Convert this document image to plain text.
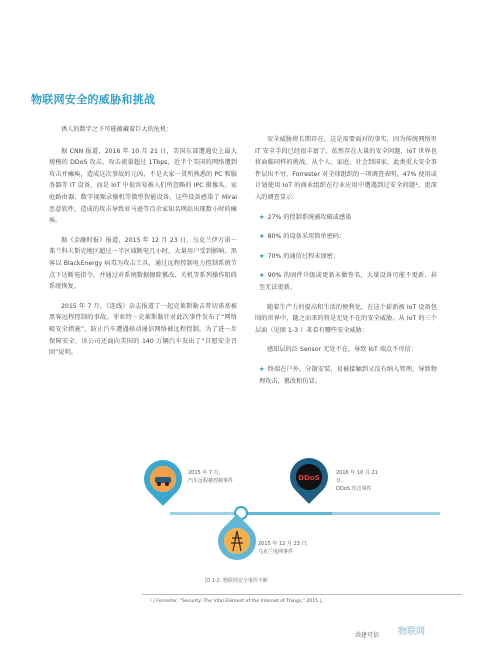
物联网安全的威胁和挑战

诱人的数字之下可能蕴藏着巨大的危机：

据 CNN 报道，2016 年 10 月 21 日，美国东部遭遇史上最大规模的 DDoS 攻击，攻击流量超过 1Tbps，近半个美国的网络遭到攻击并瘫痪，造成这次事故的元凶，不是大家一贯所熟悉的 PC 和服务器等 IT 设备，而是 IoT 中很容易被人们所忽略的 IPC 摄像头、家庭路由器、数字视频录像机等微型智能设备。这些设备感染了 Mirai 恶意软件，造成的攻击导致亚马逊等百余家知名网站出现数小时的瘫痪。

据《金融时报》报道，2015 年 12 月 23 日，乌克兰伊万诺－弗兰科夫斯克地区超过一半区域断电几小时，大量用户受到影响。黑客以 BlackEnergy 病毒为攻击工具，通过远程控制电力控制系统节点下达断电指令，并通过对系统数据擦除篡改、关机等系列操作阻碍系统恢复。

2015 年 7 月，《连线》杂志报道了一起克莱斯勒吉普切诺基被黑客远程控制的事故。菲亚特－克莱斯勒针对此次事件发布了“网络吸安全措施”，防止汽车遭遇移动通信网络被远程控制，为了进一步保障安全，该公司还面向美国的 140 万辆汽车发出了“自愿安全召回”说明。

安全威胁将长期存在，这是需要面对的事实，因为传统网络里 IT 安全手段已经很丰富了，依然存在大量的安全问题，IoT 世界也将面临同样的挑战。从个人、家庭、社会到国家，此类重大安全事件层出不穷，Forrester 对全球组织的一项调查表明，47% 使用或计划使用 IoT 的商业组织在行业应用中遭遇到过安全问题¹，更深入的调查显示：

★ 27% 的控制系统被攻破或感染

★ 80% 的设备采用简单密码；

★ 70% 的通信过程未加密；

★ 90% 的固件升级或更新未做签名，大量设备可能不更新，甚至无法更新。

随着生产力的提高和生活的便利化，在这个崭新被 IoT 设备包围的世界中，随之而来的将是无处不在的安全威胁。从 IoT 的三个层面（见图 1-3 ）来看有哪些安全威胁：

感知层的泛 Sensor 无处不在，导致 IoT 端点不可信：

★ 终端在户外，分散安装，易被接触到又没有纳入管理，导致物理攻击，篡改和仿冒。

2015 年 7 月，
汽车远程被控制事件	DDoS
2016 年 10 月 21 日，
DDoS 攻击事件
2015 年 12 月 23 日，
乌克兰电网事件
图 1-2. 物联网安全事件不断
¹ | Forrester, "Security: The Vital Element of the Internet of Things," 2015 |。
共建可信 物联网
